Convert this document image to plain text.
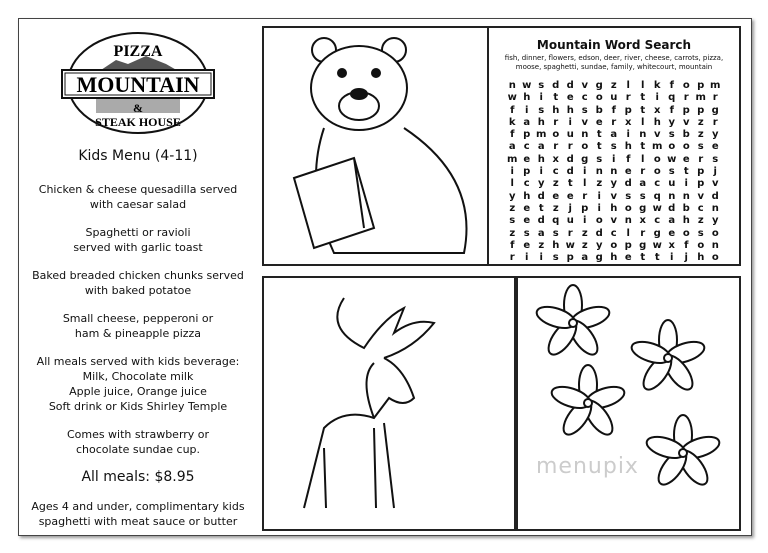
PIZZA
MOUNTAIN
&
STEAK HOUSE
Kids Menu (4-11)

Chicken & cheese quesadilla served
with caesar salad

Spaghetti or ravioli
served with garlic toast

Baked breaded chicken chunks served
with baked potatoe

Small cheese, pepperoni or
ham & pineapple pizza

All meals served with kids beverage:
Milk, Chocolate milk
Apple juice, Orange juice
Soft drink or Kids Shirley Temple

Comes with strawberry or
chocolate sundae cup.

All meals: $8.95

Ages 4 and under, complimentary kids
spaghetti with meat sauce or butter

Mountain Word Search
fish, dinner, flowers, edson, deer, river, cheese, carrots, pizza,
moose, spaghetti, sundae, family, whitecourt, mountain
n w s d d v g z l	l k f o p m
w h i	t e c o u r t	i q r m r
f	i s h h s b f p t x f p p g
k a h r	i v e r x l h y v z r
f p m o u n t a i n v s b z y
a c a r r o t s h t m o o s e
m e h x d g s i	f	l o w e r s
i p i c d i n n e r o s t p j
l c y z t	l z y d a c u i p v
y h d e e r	i v s s q n n v d
z e t z j p i h o g w d b c n
s e d q u i o v n x c a h z y
z s a s r z d c l	r g e o s o
f e z h w z y o p g w x f o n
r	i	i s p a g h e t t	i	j h o
menupix
